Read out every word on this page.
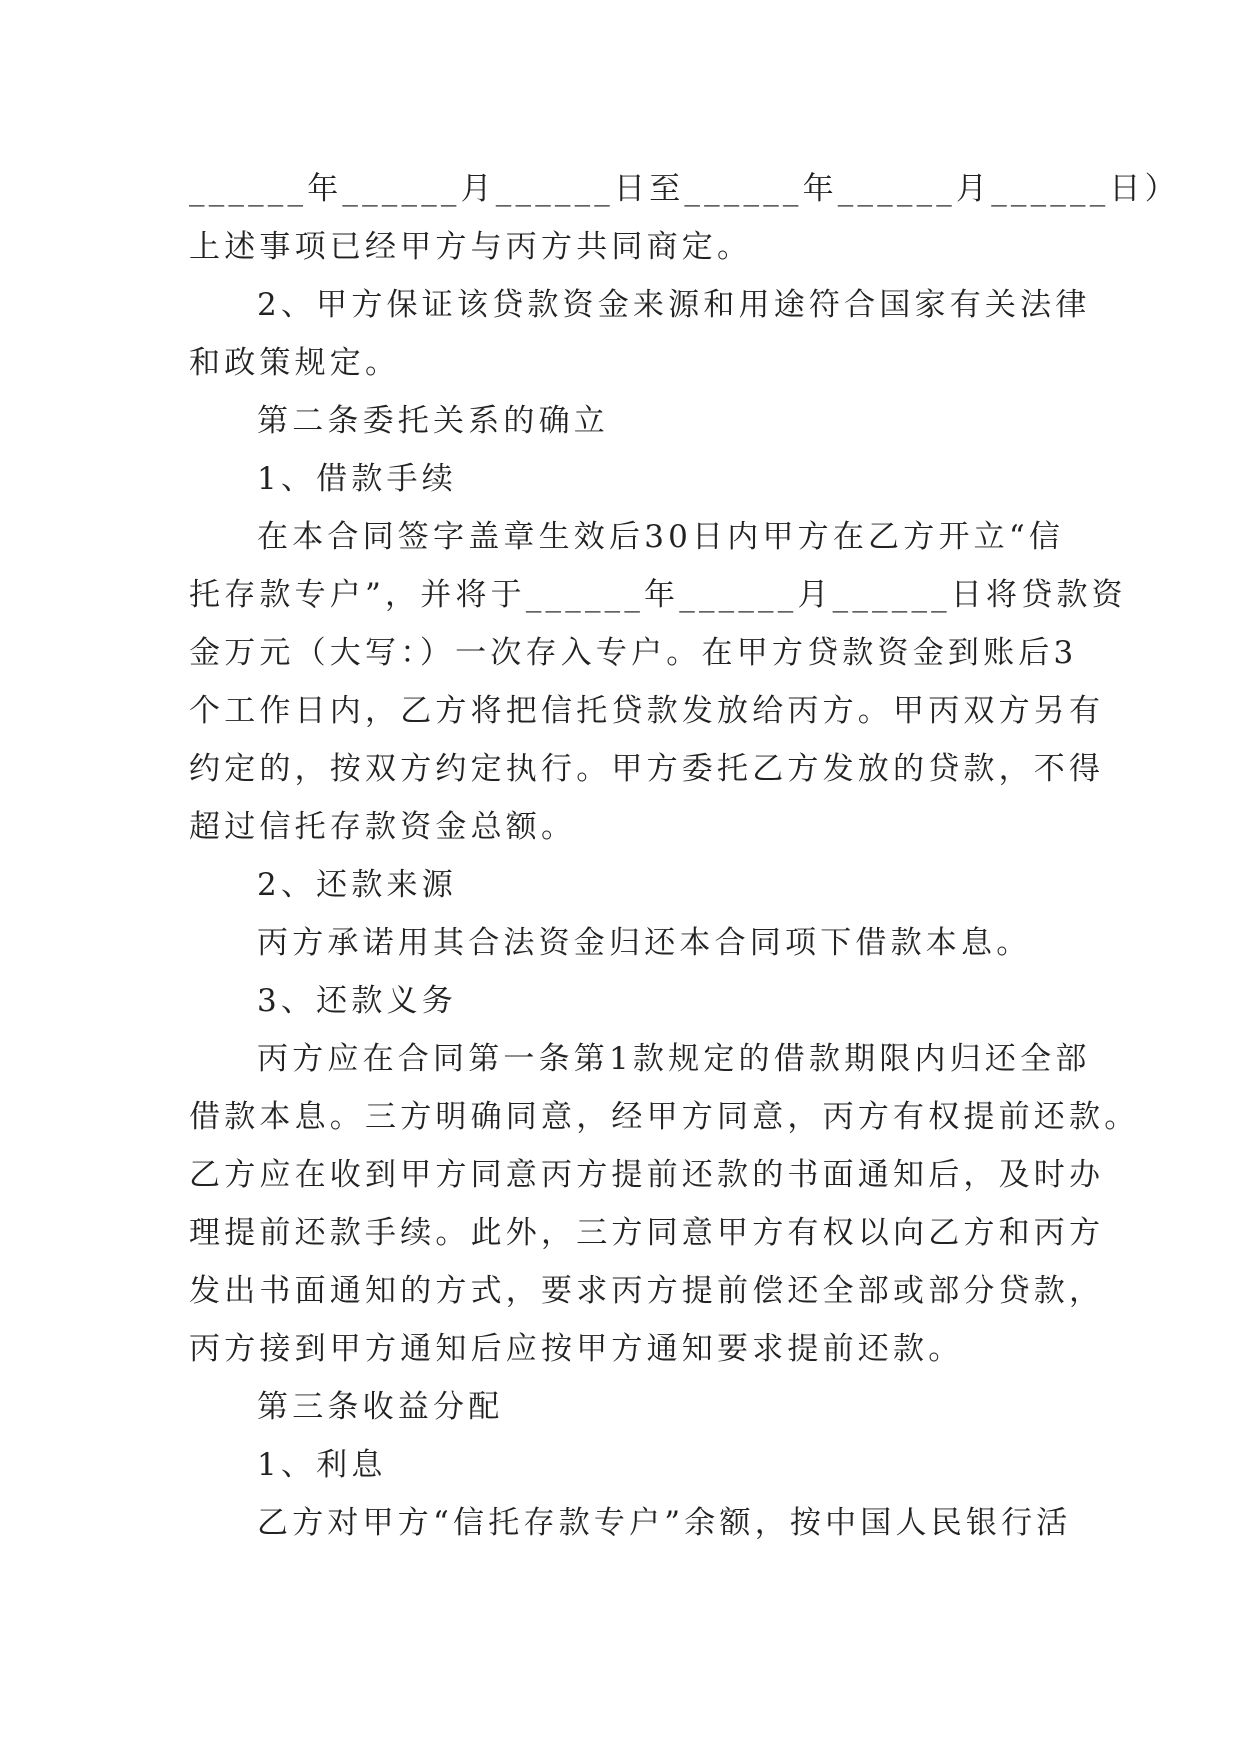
______年______月______日至______年______月______日）
上述事项已经甲方与丙方共同商定。
2、甲方保证该贷款资金来源和用途符合国家有关法律
和政策规定。
第二条委托关系的确立
1、借款手续
在本合同签字盖章生效后30日内甲方在乙方开立“信
托存款专户”，并将于______年______月______日将贷款资
金万元（大写：）一次存入专户。在甲方贷款资金到账后3
个工作日内，乙方将把信托贷款发放给丙方。甲丙双方另有
约定的，按双方约定执行。甲方委托乙方发放的贷款，不得
超过信托存款资金总额。
2、还款来源
丙方承诺用其合法资金归还本合同项下借款本息。
3、还款义务
丙方应在合同第一条第1款规定的借款期限内归还全部
借款本息。三方明确同意，经甲方同意，丙方有权提前还款。
乙方应在收到甲方同意丙方提前还款的书面通知后，及时办
理提前还款手续。此外，三方同意甲方有权以向乙方和丙方
发出书面通知的方式，要求丙方提前偿还全部或部分贷款，
丙方接到甲方通知后应按甲方通知要求提前还款。
第三条收益分配
1、利息
乙方对甲方“信托存款专户”余额，按中国人民银行活
